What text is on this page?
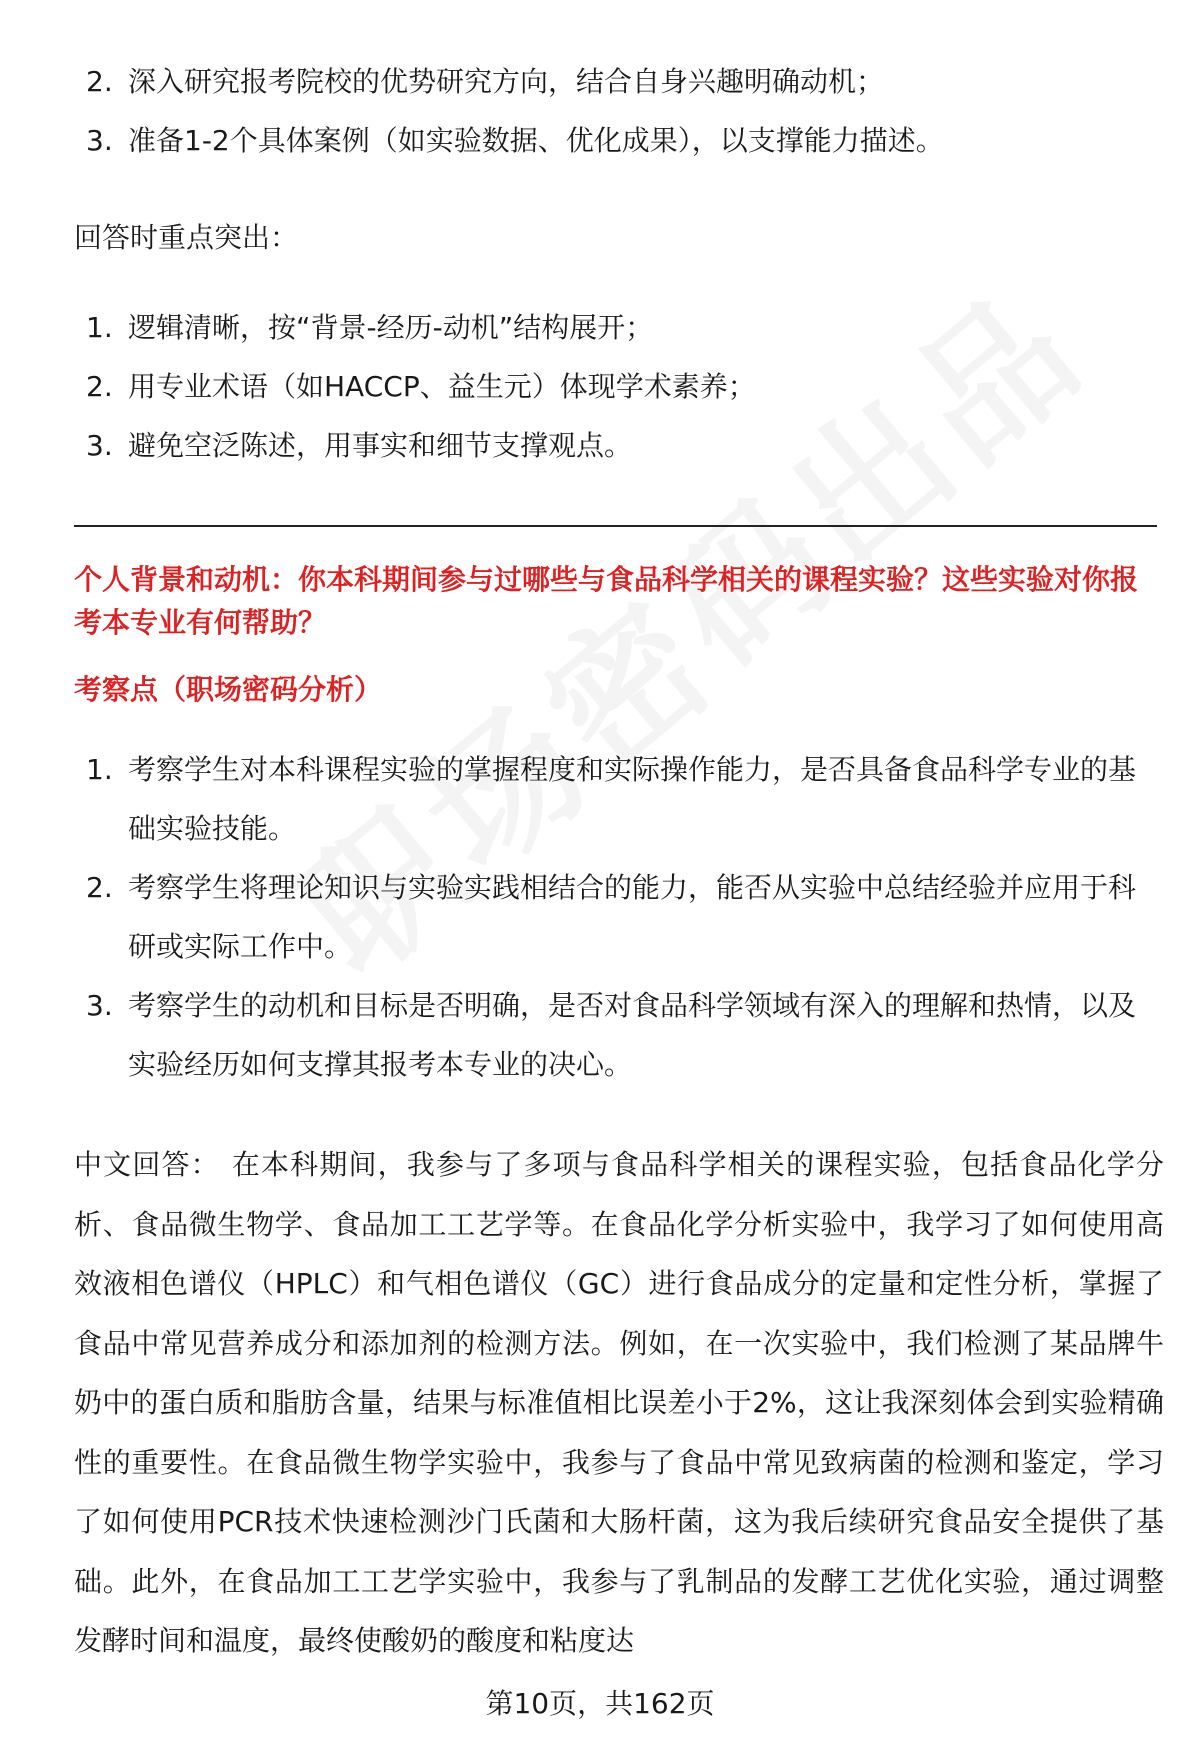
2. 深入研究报考院校的优势研究方向，结合自身兴趣明确动机；
3. 准备1-2个具体案例（如实验数据、优化成果），以支撑能力描述。

回答时重点突出：

1. 逻辑清晰，按“背景-经历-动机”结构展开；
2. 用专业术语（如HACCP、益生元）体现学术素养；
3. 避免空泛陈述，用事实和细节支撑观点。

个人背景和动机：你本科期间参与过哪些与食品科学相关的课程实验？这些实验对你报考本专业有何帮助？

考察点（职场密码分析）

1. 考察学生对本科课程实验的掌握程度和实际操作能力，是否具备食品科学专业的基础实验技能。
2. 考察学生将理论知识与实验实践相结合的能力，能否从实验中总结经验并应用于科研或实际工作中。
3. 考察学生的动机和目标是否明确，是否对食品科学领域有深入的理解和热情，以及实验经历如何支撑其报考本专业的决心。

中文回答： 在本科期间，我参与了多项与食品科学相关的课程实验，包括食品化学分析、食品微生物学、食品加工工艺学等。在食品化学分析实验中，我学习了如何使用高效液相色谱仪（HPLC）和气相色谱仪（GC）进行食品成分的定量和定性分析，掌握了食品中常见营养成分和添加剂的检测方法。例如，在一次实验中，我们检测了某品牌牛奶中的蛋白质和脂肪含量，结果与标准值相比误差小于2%，这让我深刻体会到实验精确性的重要性。在食品微生物学实验中，我参与了食品中常见致病菌的检测和鉴定，学习了如何使用PCR技术快速检测沙门氏菌和大肠杆菌，这为我后续研究食品安全提供了基础。此外，在食品加工工艺学实验中，我参与了乳制品的发酵工艺优化实验，通过调整发酵时间和温度，最终使酸奶的酸度和粘度达

第10页，共162页
